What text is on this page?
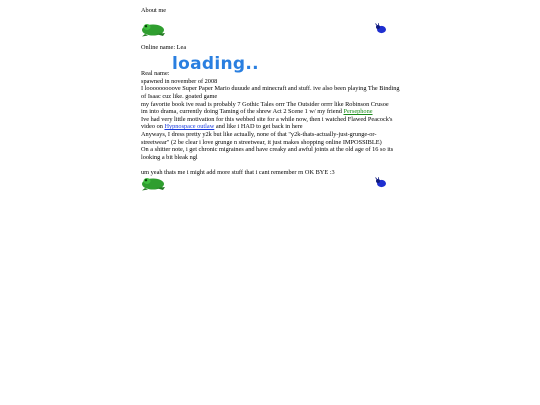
loading..
About me
Online name: Lea
Real name:
spawned in november of 2008
I looooooooove Super Paper Mario duuude and minecraft and stuff. ive also been playing The Binding of Isaac cuz like. goated game
my favorite book ive read is probably 7 Gothic Tales orrr The Outsider orrrr like Robinson Crusoe
im into drama, currently doing Taming of the shrew Act 2 Scene 1 w/ my friend Persephone
Ive had very little motivation for this webbed site for a while now, then i watched Flawed Peacock's video on Hypnospace outlaw and like i HAD to get back in here
Anyways, I dress pretty y2k but like actually, none of that "y2k-thats-actually-just-grunge-or-streetwear" (2 be clear i love grunge n streetwear, it just makes shopping online IMPOSSIBLE)
On a shitter note, i get chronic migraines and have creaky and awful joints at the old age of 16 so its looking a bit bleak ngl
um yeah thats me i might add more stuff that i cant remember rn OK BYE :3
